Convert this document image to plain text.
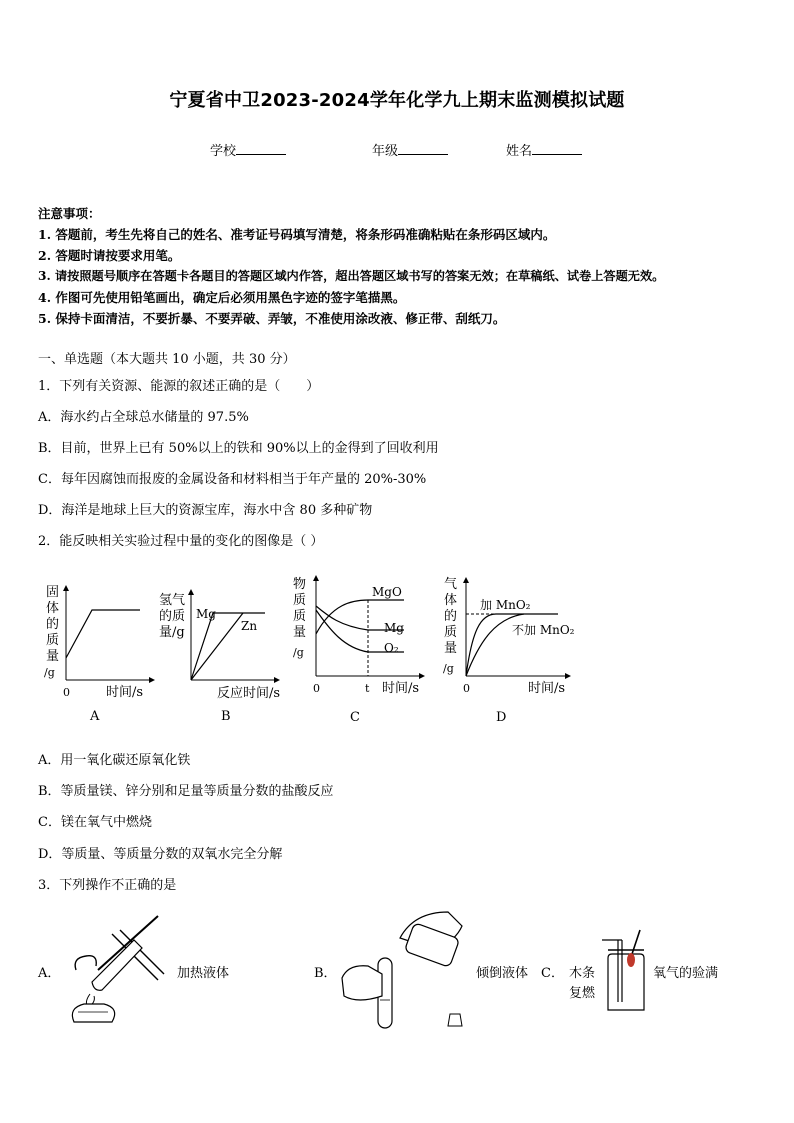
宁夏省中卫2023-2024学年化学九上期末监测模拟试题
学校	年级	姓名
注意事项：
1. 答题前，考生先将自己的姓名、准考证号码填写清楚，将条形码准确粘贴在条形码区域内。
2. 答题时请按要求用笔。
3. 请按照题号顺序在答题卡各题目的答题区域内作答，超出答题区域书写的答案无效；在草稿纸、试卷上答题无效。
4. 作图可先使用铅笔画出，确定后必须用黑色字迹的签字笔描黑。
5. 保持卡面清洁，不要折暴、不要弄破、弄皱，不准使用涂改液、修正带、刮纸刀。
一、单选题（本大题共 10 小题，共 30 分）
1．下列有关资源、能源的叙述正确的是（　　）
A．海水约占全球总水储量的 97.5%
B．目前，世界上已有 50%以上的铁和 90%以上的金得到了回收利用
C．每年因腐蚀而报废的金属设备和材料相当于年产量的 20%-30%
D．海洋是地球上巨大的资源宝库，海水中含 80 多种矿物
2．能反映相关实验过程中量的变化的图像是（ ）
固
体
的
质
量
/g
0	时间/s
A
氢气
的质
量/g
Mg
Zn
反应时间/s
B
物
质
质
量
/g
MgO
Mg
O₂
0	t 时间/s
C
气
体
的
质
量
/g
加 MnO₂
不加 MnO₂
0	时间/s
D
A．用一氧化碳还原氧化铁
B．等质量镁、锌分别和足量等质量分数的盐酸反应
C．镁在氧气中燃烧
D．等质量、等质量分数的双氧水完全分解
3．下列操作不正确的是
A．	加热液体	B．	倾倒液体 C． 木条
复燃
氧气的验满
